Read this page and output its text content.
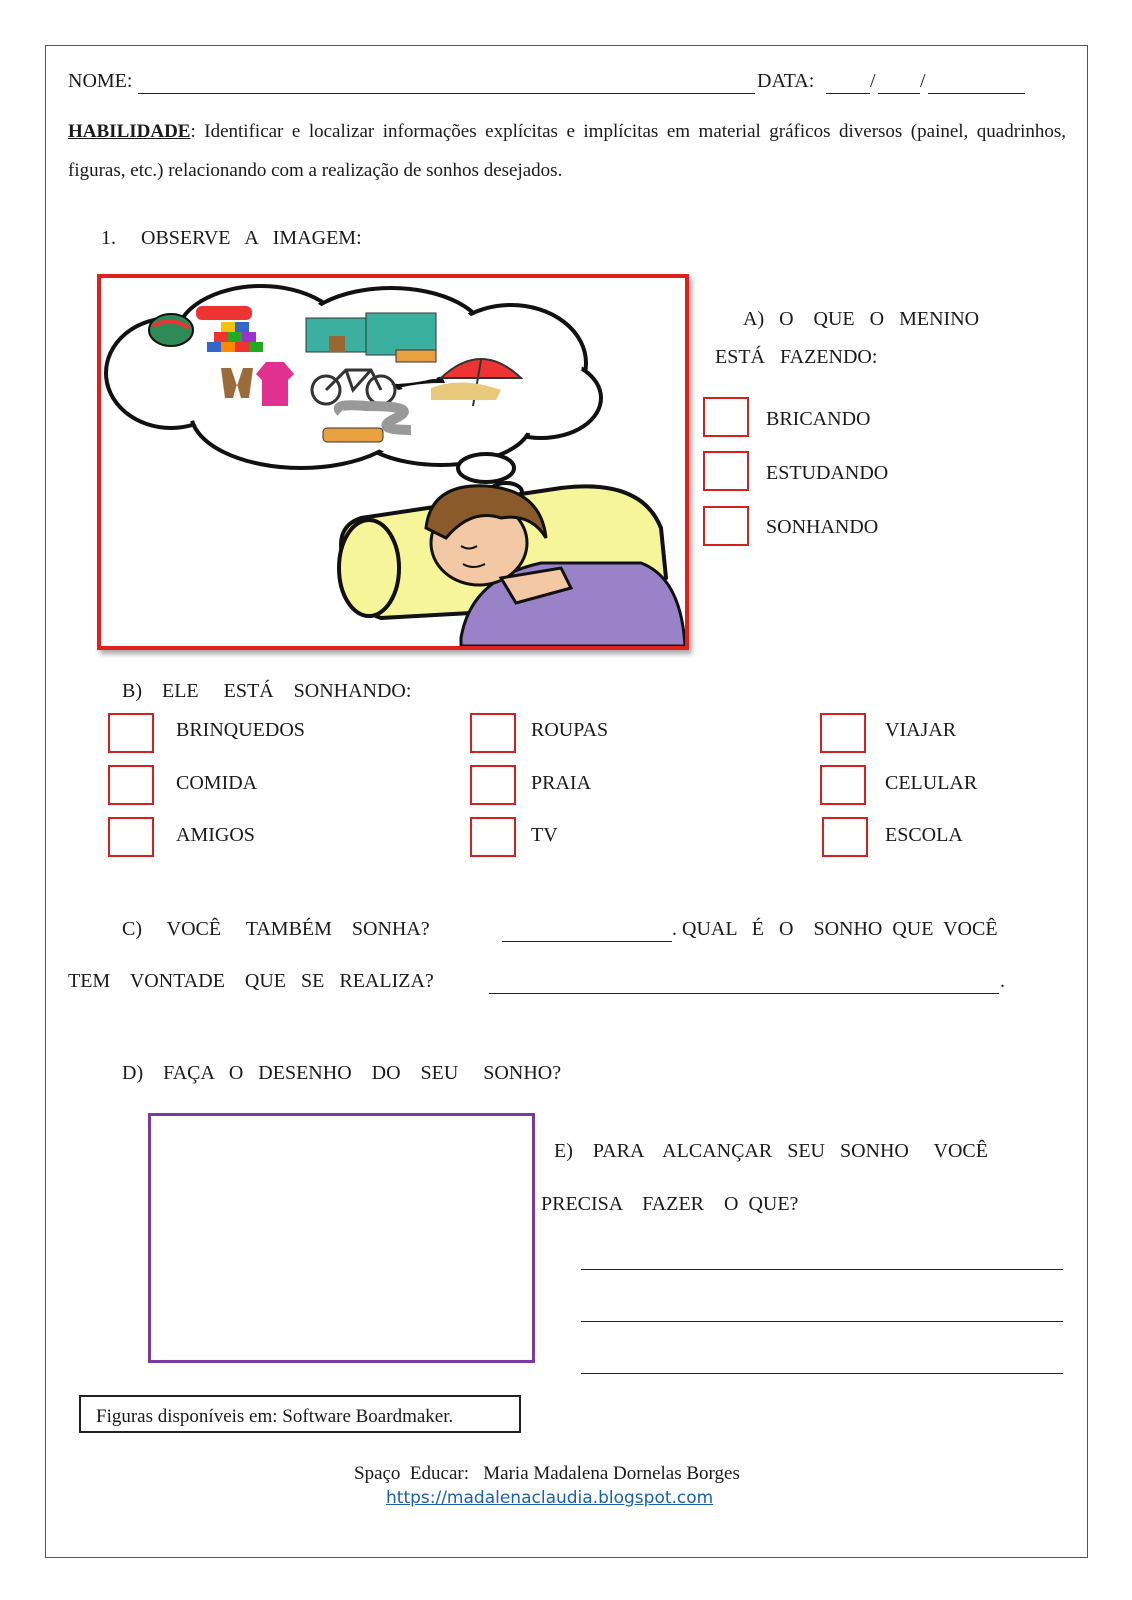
NOME:	DATA:	/ /
HABILIDADE: Identificar e localizar informações explícitas e implícitas em material gráficos diversos (painel, quadrinhos, figuras, etc.) relacionando com a realização de sonhos desejados.
1. OBSERVE   A   IMAGEM:
A)   O    QUE   O   MENINO
ESTÁ   FAZENDO:
BRICANDO
ESTUDANDO
SONHANDO
B)    ELE     ESTÁ    SONHANDO:
BRINQUEDOS
COMIDA
AMIGOS
ROUPAS
PRAIA
TV
VIAJAR
CELULAR
ESCOLA
C)     VOCÊ     TAMBÉM    SONHA?	. QUAL   É   O    SONHO  QUE  VOCÊ
TEM    VONTADE    QUE   SE   REALIZA?	.
D)    FAÇA   O   DESENHO    DO    SEU     SONHO?
E)    PARA    ALCANÇAR   SEU   SONHO     VOCÊ
PRECISA    FAZER    O  QUE?
Figuras disponíveis em: Software Boardmaker.
Spaço  Educar:   Maria Madalena Dornelas Borges
https://madalenaclaudia.blogspot.com
